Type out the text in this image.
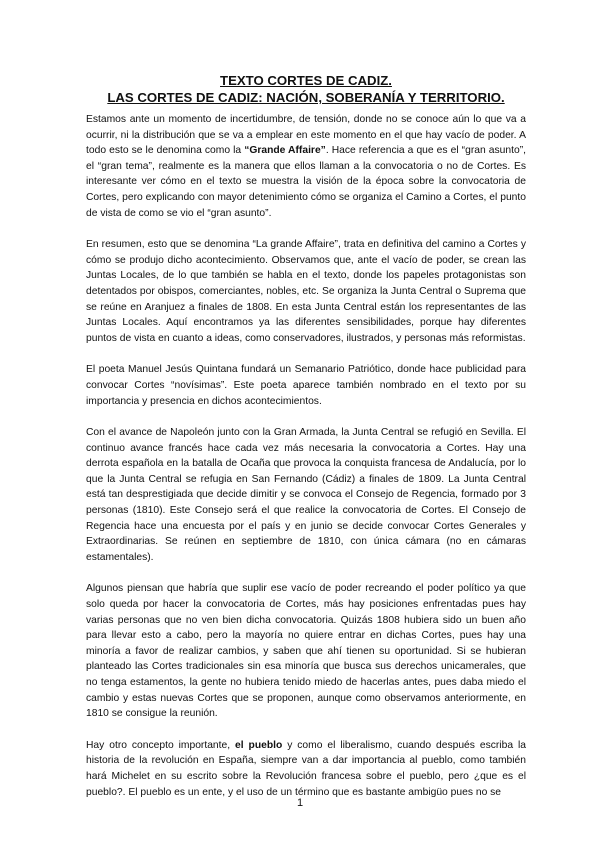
TEXTO CORTES DE CADIZ.

LAS CORTES DE CADIZ: NACIÓN, SOBERANÍA Y TERRITORIO.

Estamos ante un momento de incertidumbre, de tensión, donde no se conoce aún lo que va a ocurrir, ni la distribución que se va a emplear en este momento en el que hay vacío de poder. A todo esto se le denomina como la “Grande Affaire”. Hace referencia a que es el “gran asunto”, el “gran tema”, realmente es la manera que ellos llaman a la convocatoria o no de Cortes. Es interesante ver cómo en el texto se muestra la visión de la época sobre la convocatoria de Cortes, pero explicando con mayor detenimiento cómo se organiza el Camino a Cortes, el punto de vista de como se vio el “gran asunto”.

En resumen, esto que se denomina “La grande Affaire”, trata en definitiva del camino a Cortes y cómo se produjo dicho acontecimiento. Observamos que, ante el vacío de poder, se crean las Juntas Locales, de lo que también se habla en el texto, donde los papeles protagonistas son detentados por obispos, comerciantes, nobles, etc. Se organiza la Junta Central o Suprema que se reúne en Aranjuez a finales de 1808. En esta Junta Central están los representantes de las Juntas Locales. Aquí encontramos ya las diferentes sensibilidades, porque hay diferentes puntos de vista en cuanto a ideas, como conservadores, ilustrados, y personas más reformistas.

El poeta Manuel Jesús Quintana fundará un Semanario Patriótico, donde hace publicidad para convocar Cortes “novísimas”. Este poeta aparece también nombrado en el texto por su importancia y presencia en dichos acontecimientos.

Con el avance de Napoleón junto con la Gran Armada, la Junta Central se refugió en Sevilla. El continuo avance francés hace cada vez más necesaria la convocatoria a Cortes. Hay una derrota española en la batalla de Ocaña que provoca la conquista francesa de Andalucía, por lo que la Junta Central se refugia en San Fernando (Cádiz) a finales de 1809. La Junta Central está tan desprestigiada que decide dimitir y se convoca el Consejo de Regencia, formado por 3 personas (1810). Este Consejo será el que realice la convocatoria de Cortes. El Consejo de Regencia hace una encuesta por el país y en junio se decide convocar Cortes Generales y Extraordinarias. Se reúnen en septiembre de 1810, con única cámara (no en cámaras estamentales).

Algunos piensan que habría que suplir ese vacío de poder recreando el poder político ya que solo queda por hacer la convocatoria de Cortes, más hay posiciones enfrentadas pues hay varias personas que no ven bien dicha convocatoria. Quizás 1808 hubiera sido un buen año para llevar esto a cabo, pero la mayoría no quiere entrar en dichas Cortes, pues hay una minoría a favor de realizar cambios, y saben que ahí tienen su oportunidad. Si se hubieran planteado las Cortes tradicionales sin esa minoría que busca sus derechos unicamerales, que no tenga estamentos, la gente no hubiera tenido miedo de hacerlas antes, pues daba miedo el cambio y estas nuevas Cortes que se proponen, aunque como observamos anteriormente, en 1810 se consigue la reunión.

Hay otro concepto importante, el pueblo y como el liberalismo, cuando después escriba la historia de la revolución en España, siempre van a dar importancia al pueblo, como también hará Michelet en su escrito sobre la Revolución francesa sobre el pueblo, pero ¿que es el pueblo?. El pueblo es un ente, y el uso de un término que es bastante ambigüo pues no se

1
